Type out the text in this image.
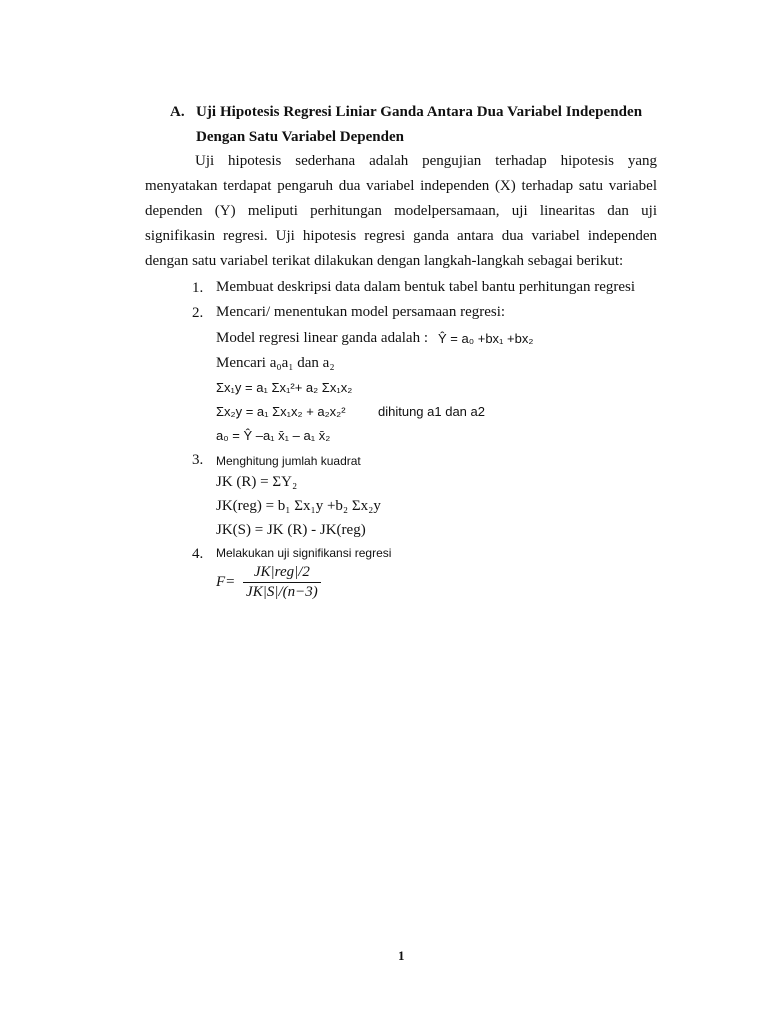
A. Uji Hipotesis Regresi Liniar Ganda Antara Dua Variabel Independen
Dengan Satu Variabel Dependen
Uji hipotesis sederhana adalah pengujian terhadap hipotesis yang menyatakan terdapat pengaruh dua variabel independen (X) terhadap satu variabel dependen (Y) meliputi perhitungan modelpersamaan, uji linearitas dan uji signifikasin regresi. Uji hipotesis regresi ganda antara dua variabel independen dengan satu variabel terikat dilakukan dengan langkah-langkah sebagai berikut:
1. Membuat deskripsi data dalam bentuk tabel bantu perhitungan regresi
2. Mencari/ menentukan model persamaan regresi:
Model regresi linear ganda adalah : Ŷ = a₀ +bx₁ +bx₂
Mencari a₀a₁ dan a₂
Σx₁y = a₁ Σx₁²+ a₂ Σx₁x₂
Σx₂y = a₁ Σx₁x₂ + a₂x₂² dihitung a1 dan a2
a₀ = Ŷ –a₁ x̄₁ – a₁ x̄₂
3. Menghitung jumlah kuadrat
JK (R) = ΣY₂
JK(reg) = b₁ Σx₁y +b₂ Σx₂y
JK(S) = JK (R) - JK(reg)
4. Melakukan uji signifikansi regresi
$F= \frac{\text{JK|reg|/2}}{JK|S|/(n-3)}$
1
